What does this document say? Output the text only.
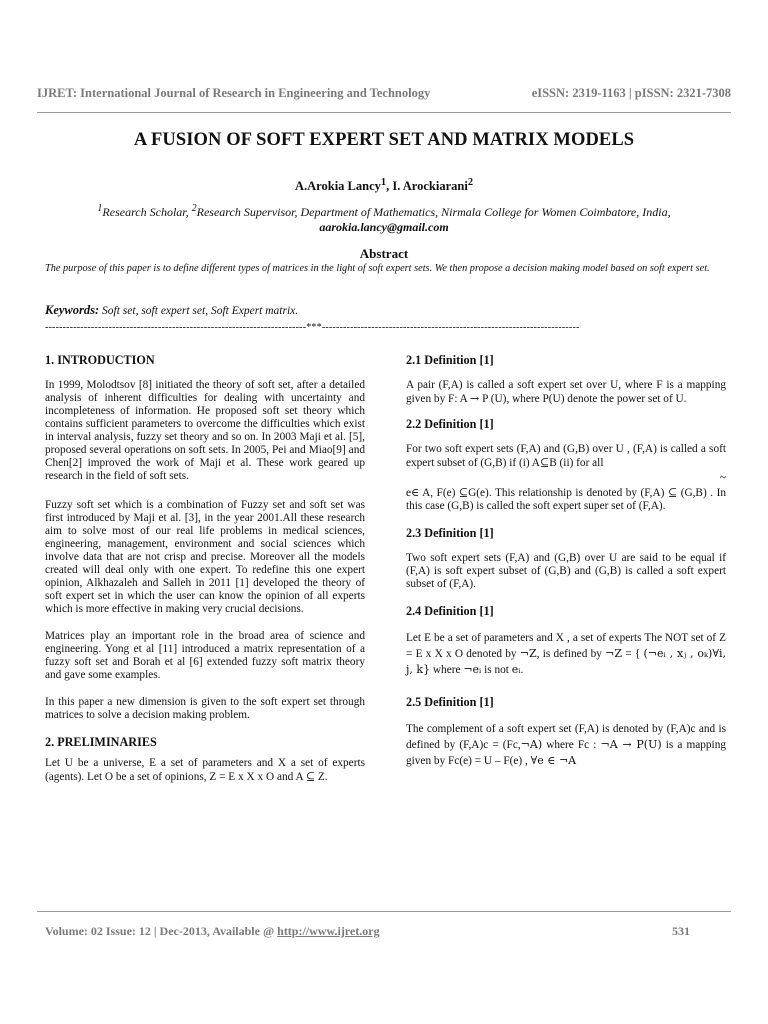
IJRET: International Journal of Research in Engineering and Technology	eISSN: 2319-1163 | pISSN: 2321-7308
A FUSION OF SOFT EXPERT SET AND MATRIX MODELS
A.Arokia Lancy$^1$, I. Arockiarani$^2$
$^1$Research Scholar, $^2$Research Supervisor, Department of Mathematics, Nirmala College for Women Coimbatore, India,
aarokia.lancy@gmail.com
Abstract
The purpose of this paper is to define different types of matrices in the light of soft expert sets. We then propose a decision making model based on soft expert set.
Keywords: Soft set, soft expert set, Soft Expert matrix.
--------------------------------------------------------------------------***-------------------------------------------------------------------------
1. INTRODUCTION

In 1999, Molodtsov [8] initiated the theory of soft set, after a detailed analysis of inherent difficulties for dealing with uncertainty and incompleteness of information. He proposed soft set theory which contains sufficient parameters to overcome the difficulties which exist in interval analysis, fuzzy set theory and so on. In 2003 Maji et al. [5], proposed several operations on soft sets. In 2005, Pei and Miao[9] and Chen[2] improved the work of Maji et al. These work geared up research in the field of soft sets.

Fuzzy soft set which is a combination of Fuzzy set and soft set was first introduced by Maji et al. [3], in the year 2001.All these research aim to solve most of our real life problems in medical sciences, engineering, management, environment and social sciences which involve data that are not crisp and precise. Moreover all the models created will deal only with one expert. To redefine this one expert opinion, Alkhazaleh and Salleh in 2011 [1] developed the theory of soft expert set in which the user can know the opinion of all experts which is more effective in making very crucial decisions.

Matrices play an important role in the broad area of science and engineering. Yong et al [11] introduced a matrix representation of a fuzzy soft set and Borah et al [6] extended fuzzy soft matrix theory and gave some examples.

In this paper a new dimension is given to the soft expert set through matrices to solve a decision making problem.

2. PRELIMINARIES

Let U be a universe, E a set of parameters and X a set of experts (agents). Let O be a set of opinions, Z = E x X x O and A ⊆ Z.

2.1 Definition [1]

A pair (F,A) is called a soft expert set over U, where F is a mapping given by F: A → P (U), where P(U) denote the power set of U.

2.2 Definition [1]

For two soft expert sets (F,A) and (G,B) over U , (F,A) is called a soft expert subset of (G,B) if (i) A⊆B (ii) for all

~

e∈ A, F(e) ⊆G(e). This relationship is denoted by (F,A) ⊆ (G,B) . In this case (G,B) is called the soft expert super set of (F,A).

2.3 Definition [1]

Two soft expert sets (F,A) and (G,B) over U are said to be equal if (F,A) is soft expert subset of (G,B) and (G,B) is called a soft expert subset of (F,A).

2.4 Definition [1]

Let E be a set of parameters and X , a set of experts The NOT set of Z = E x X x O denoted by ¬Z, is defined by ¬Z = { (¬eᵢ , xⱼ , oₖ)∀i, j, k} where ¬eᵢ is not eᵢ.

2.5 Definition [1]

The complement of a soft expert set (F,A) is denoted by (F,A)c and is defined by (F,A)c = (Fc,¬A) where Fc : ¬A → P(U) is a mapping given by Fc(e) = U – F(e) , ∀e ∈ ¬A

Volume: 02 Issue: 12 | Dec-2013, Available @ http://www.ijret.org	531
